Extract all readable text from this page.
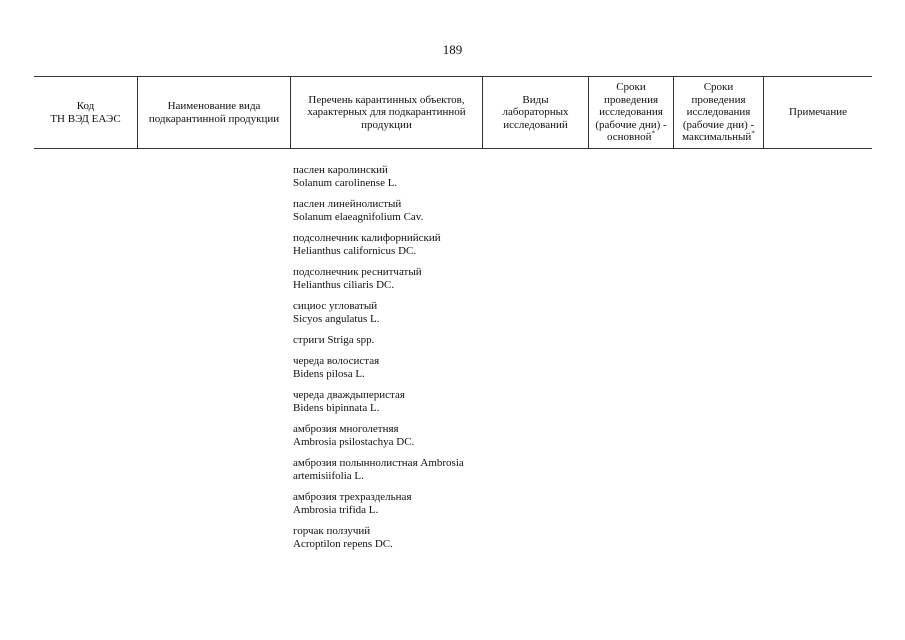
189
Код
ТН ВЭД ЕАЭС
Наименование вида
подкарантинной продукции
Перечень карантинных объектов,
характерных для подкарантинной
продукции
Виды
лабораторных
исследований
Сроки
проведения
исследования
(рабочие дни) -
основной*
Сроки
проведения
исследования
(рабочие дни) -
максимальный*
Примечание
паслен каролинский
Solanum carolinense L.
паслен линейнолистый
Solanum elaeagnifolium Cav.
подсолнечник калифорнийский
Helianthus californicus DC.
подсолнечник реснитчатый
Helianthus ciliaris DC.
сициос угловатый
Sicyos angulatus L.
стриги Striga spp.
череда волосистая
Bidens pilosa L.
череда дваждыперистая
Bidens bipinnata L.
амброзия многолетняя
Ambrosia psilostachya DC.
амброзия полыннолистная Ambrosia
artemisiifolia L.
амброзия трехраздельная
Ambrosia trifida L.
горчак ползучий
Acroptilon repens DC.
